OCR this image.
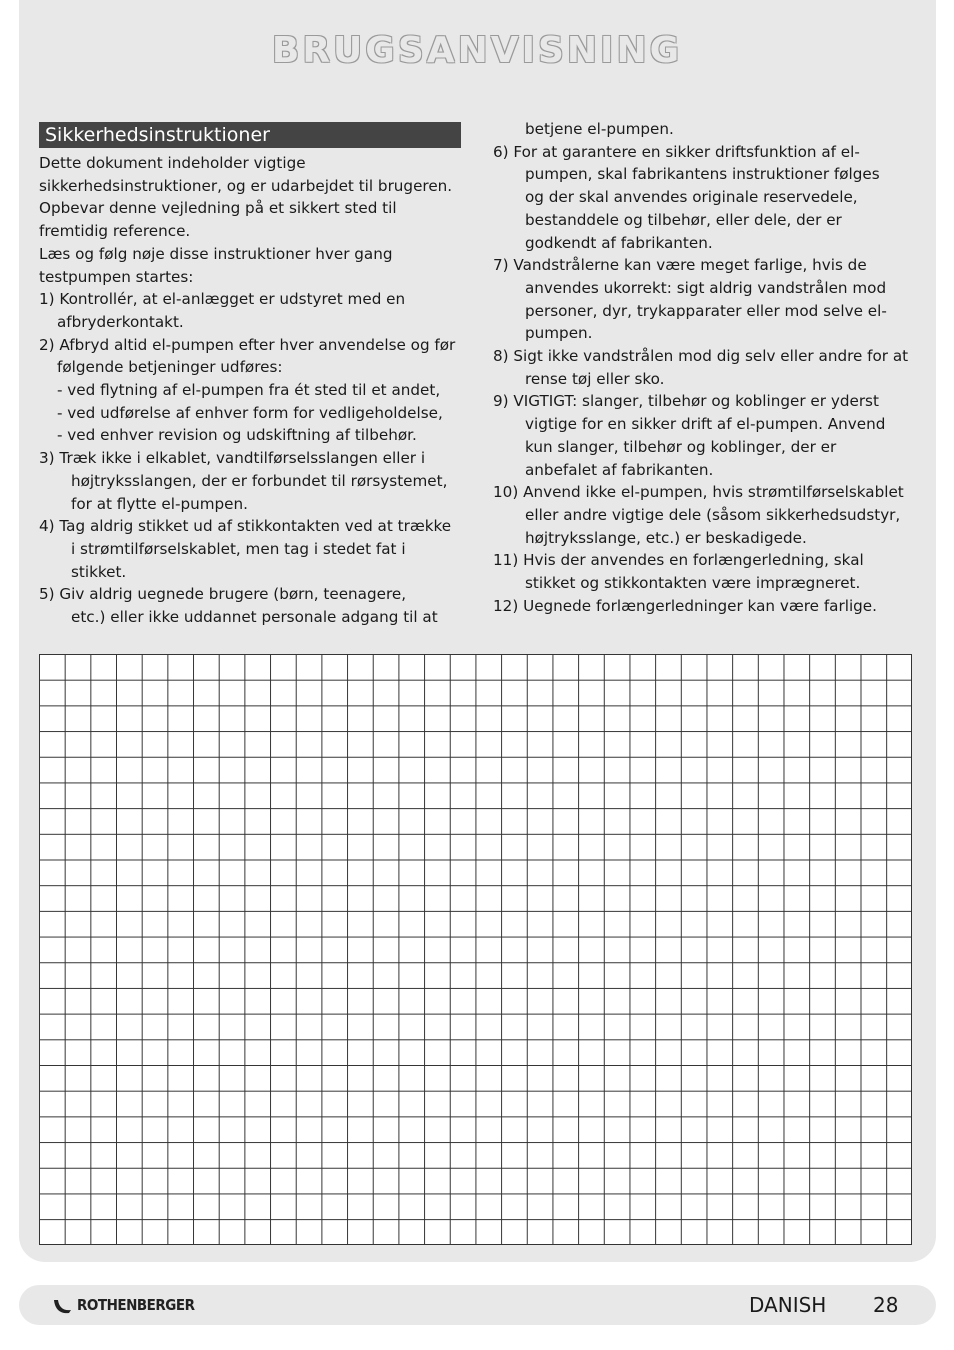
BRUGSANVISNING
Sikkerhedsinstruktioner

Dette dokument indeholder vigtige

sikkerhedsinstruktioner, og er udarbejdet til brugeren.

Opbevar denne vejledning på et sikkert sted til

fremtidig reference.

Læs og følg nøje disse instruktioner hver gang

testpumpen startes:

1) Kontrollér, at el-anlægget er udstyret med en

afbryderkontakt.

2) Afbryd altid el-pumpen efter hver anvendelse og før

følgende betjeninger udføres:

- ved flytning af el-pumpen fra ét sted til et andet,

- ved udførelse af enhver form for vedligeholdelse,

- ved enhver revision og udskiftning af tilbehør.

3) Træk ikke i elkablet, vandtilførselsslangen eller i

højtryksslangen, der er forbundet til rørsystemet,

for at flytte el-pumpen.

4) Tag aldrig stikket ud af stikkontakten ved at trække

i strømtilførselskablet, men tag i stedet fat i

stikket.

5) Giv aldrig uegnede brugere (børn, teenagere,

etc.) eller ikke uddannet personale adgang til at

betjene el-pumpen.

6) For at garantere en sikker driftsfunktion af el-

pumpen, skal fabrikantens instruktioner følges

og der skal anvendes originale reservedele,

bestanddele og tilbehør, eller dele, der er

godkendt af fabrikanten.

7) Vandstrålerne kan være meget farlige, hvis de

anvendes ukorrekt: sigt aldrig vandstrålen mod

personer, dyr, trykapparater eller mod selve el-

pumpen.

8) Sigt ikke vandstrålen mod dig selv eller andre for at

rense tøj eller sko.

9) VIGTIGT: slanger, tilbehør og koblinger er yderst

vigtige for en sikker drift af el-pumpen. Anvend

kun slanger, tilbehør og koblinger, der er

anbefalet af fabrikanten.

10) Anvend ikke el-pumpen, hvis strømtilførselskablet

eller andre vigtige dele (såsom sikkerhedsudstyr,

højtryksslange, etc.) er beskadigede.

11) Hvis der anvendes en forlængerledning, skal

stikket og stikkontakten være imprægneret.

12) Uegnede forlængerledninger kan være farlige.

ROTHENBERGER	DANISH 28
